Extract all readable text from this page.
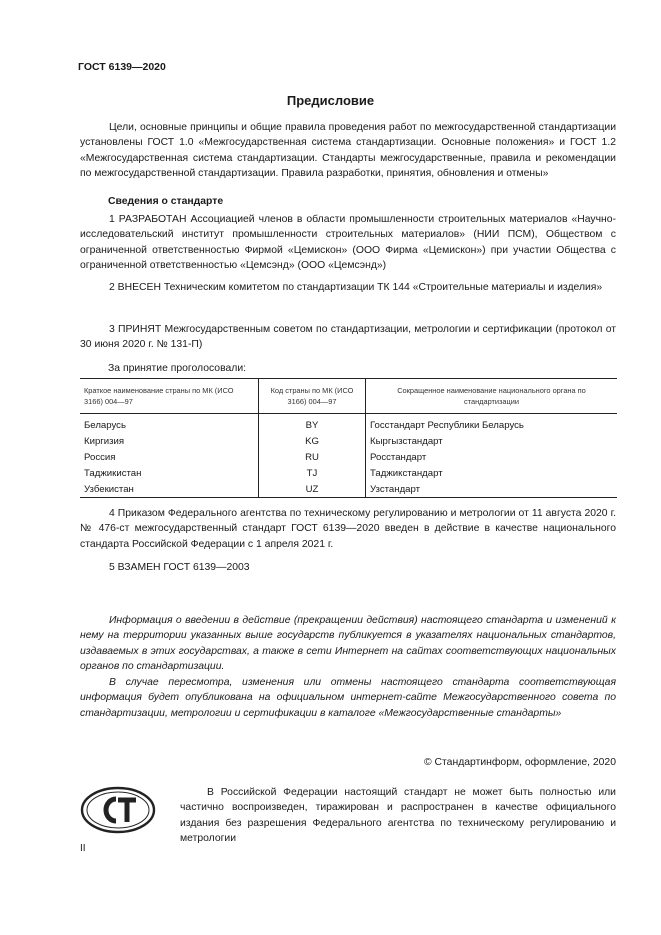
ГОСТ 6139—2020
Предисловие

Цели, основные принципы и общие правила проведения работ по межгосударственной стандартизации установлены ГОСТ 1.0 «Межгосударственная система стандартизации. Основные положения» и ГОСТ 1.2 «Межгосударственная система стандартизации. Стандарты межгосударственные, правила и рекомендации по межгосударственной стандартизации. Правила разработки, принятия, обновления и отмены»

Сведения о стандарте

1 РАЗРАБОТАН Ассоциацией членов в области промышленности строительных материалов «Научно-исследовательский институт промышленности строительных материалов» (НИИ ПСМ), Обществом с ограниченной ответственностью Фирмой «Цемискон» (ООО Фирма «Цемискон») при участии Общества с ограниченной ответственностью «Цемсэнд» (ООО «Цемсэнд»)

2 ВНЕСЕН Техническим комитетом по стандартизации ТК 144 «Строительные материалы и изделия»

3 ПРИНЯТ Межгосударственным советом по стандартизации, метрологии и сертификации (протокол от 30 июня 2020 г. № 131-П)

За принятие проголосовали:
Краткое наименование страны по МК (ИСО 3166) 004—97	Код страны по МК (ИСО 3166) 004—97	Сокращенное наименование национального органа по стандартизации
Беларусь	BY	Госстандарт Республики Беларусь
Киргизия	KG	Кыргызстандарт
Россия	RU	Росстандарт
Таджикистан	TJ	Таджикстандарт
Узбекистан	UZ	Узстандарт

4 Приказом Федерального агентства по техническому регулированию и метрологии от 11 августа 2020 г. № 476-ст межгосударственный стандарт ГОСТ 6139—2020 введен в действие в качестве национального стандарта Российской Федерации с 1 апреля 2021 г.

5 ВЗАМЕН ГОСТ 6139—2003

Информация о введении в действие (прекращении действия) настоящего стандарта и изменений к нему на территории указанных выше государств публикуется в указателях национальных стандартов, издаваемых в этих государствах, а также в сети Интернет на сайтах соответствующих национальных органов по стандартизации.

В случае пересмотра, изменения или отмены настоящего стандарта соответствующая информация будет опубликована на официальном интернет-сайте Межгосударственного совета по стандартизации, метрологии и сертификации в каталоге «Межгосударственные стандарты»

© Стандартинформ, оформление, 2020

В Российской Федерации настоящий стандарт не может быть полностью или частично воспроизведен, тиражирован и распространен в качестве официального издания без разрешения Федерального агентства по техническому регулированию и метрологии

II
